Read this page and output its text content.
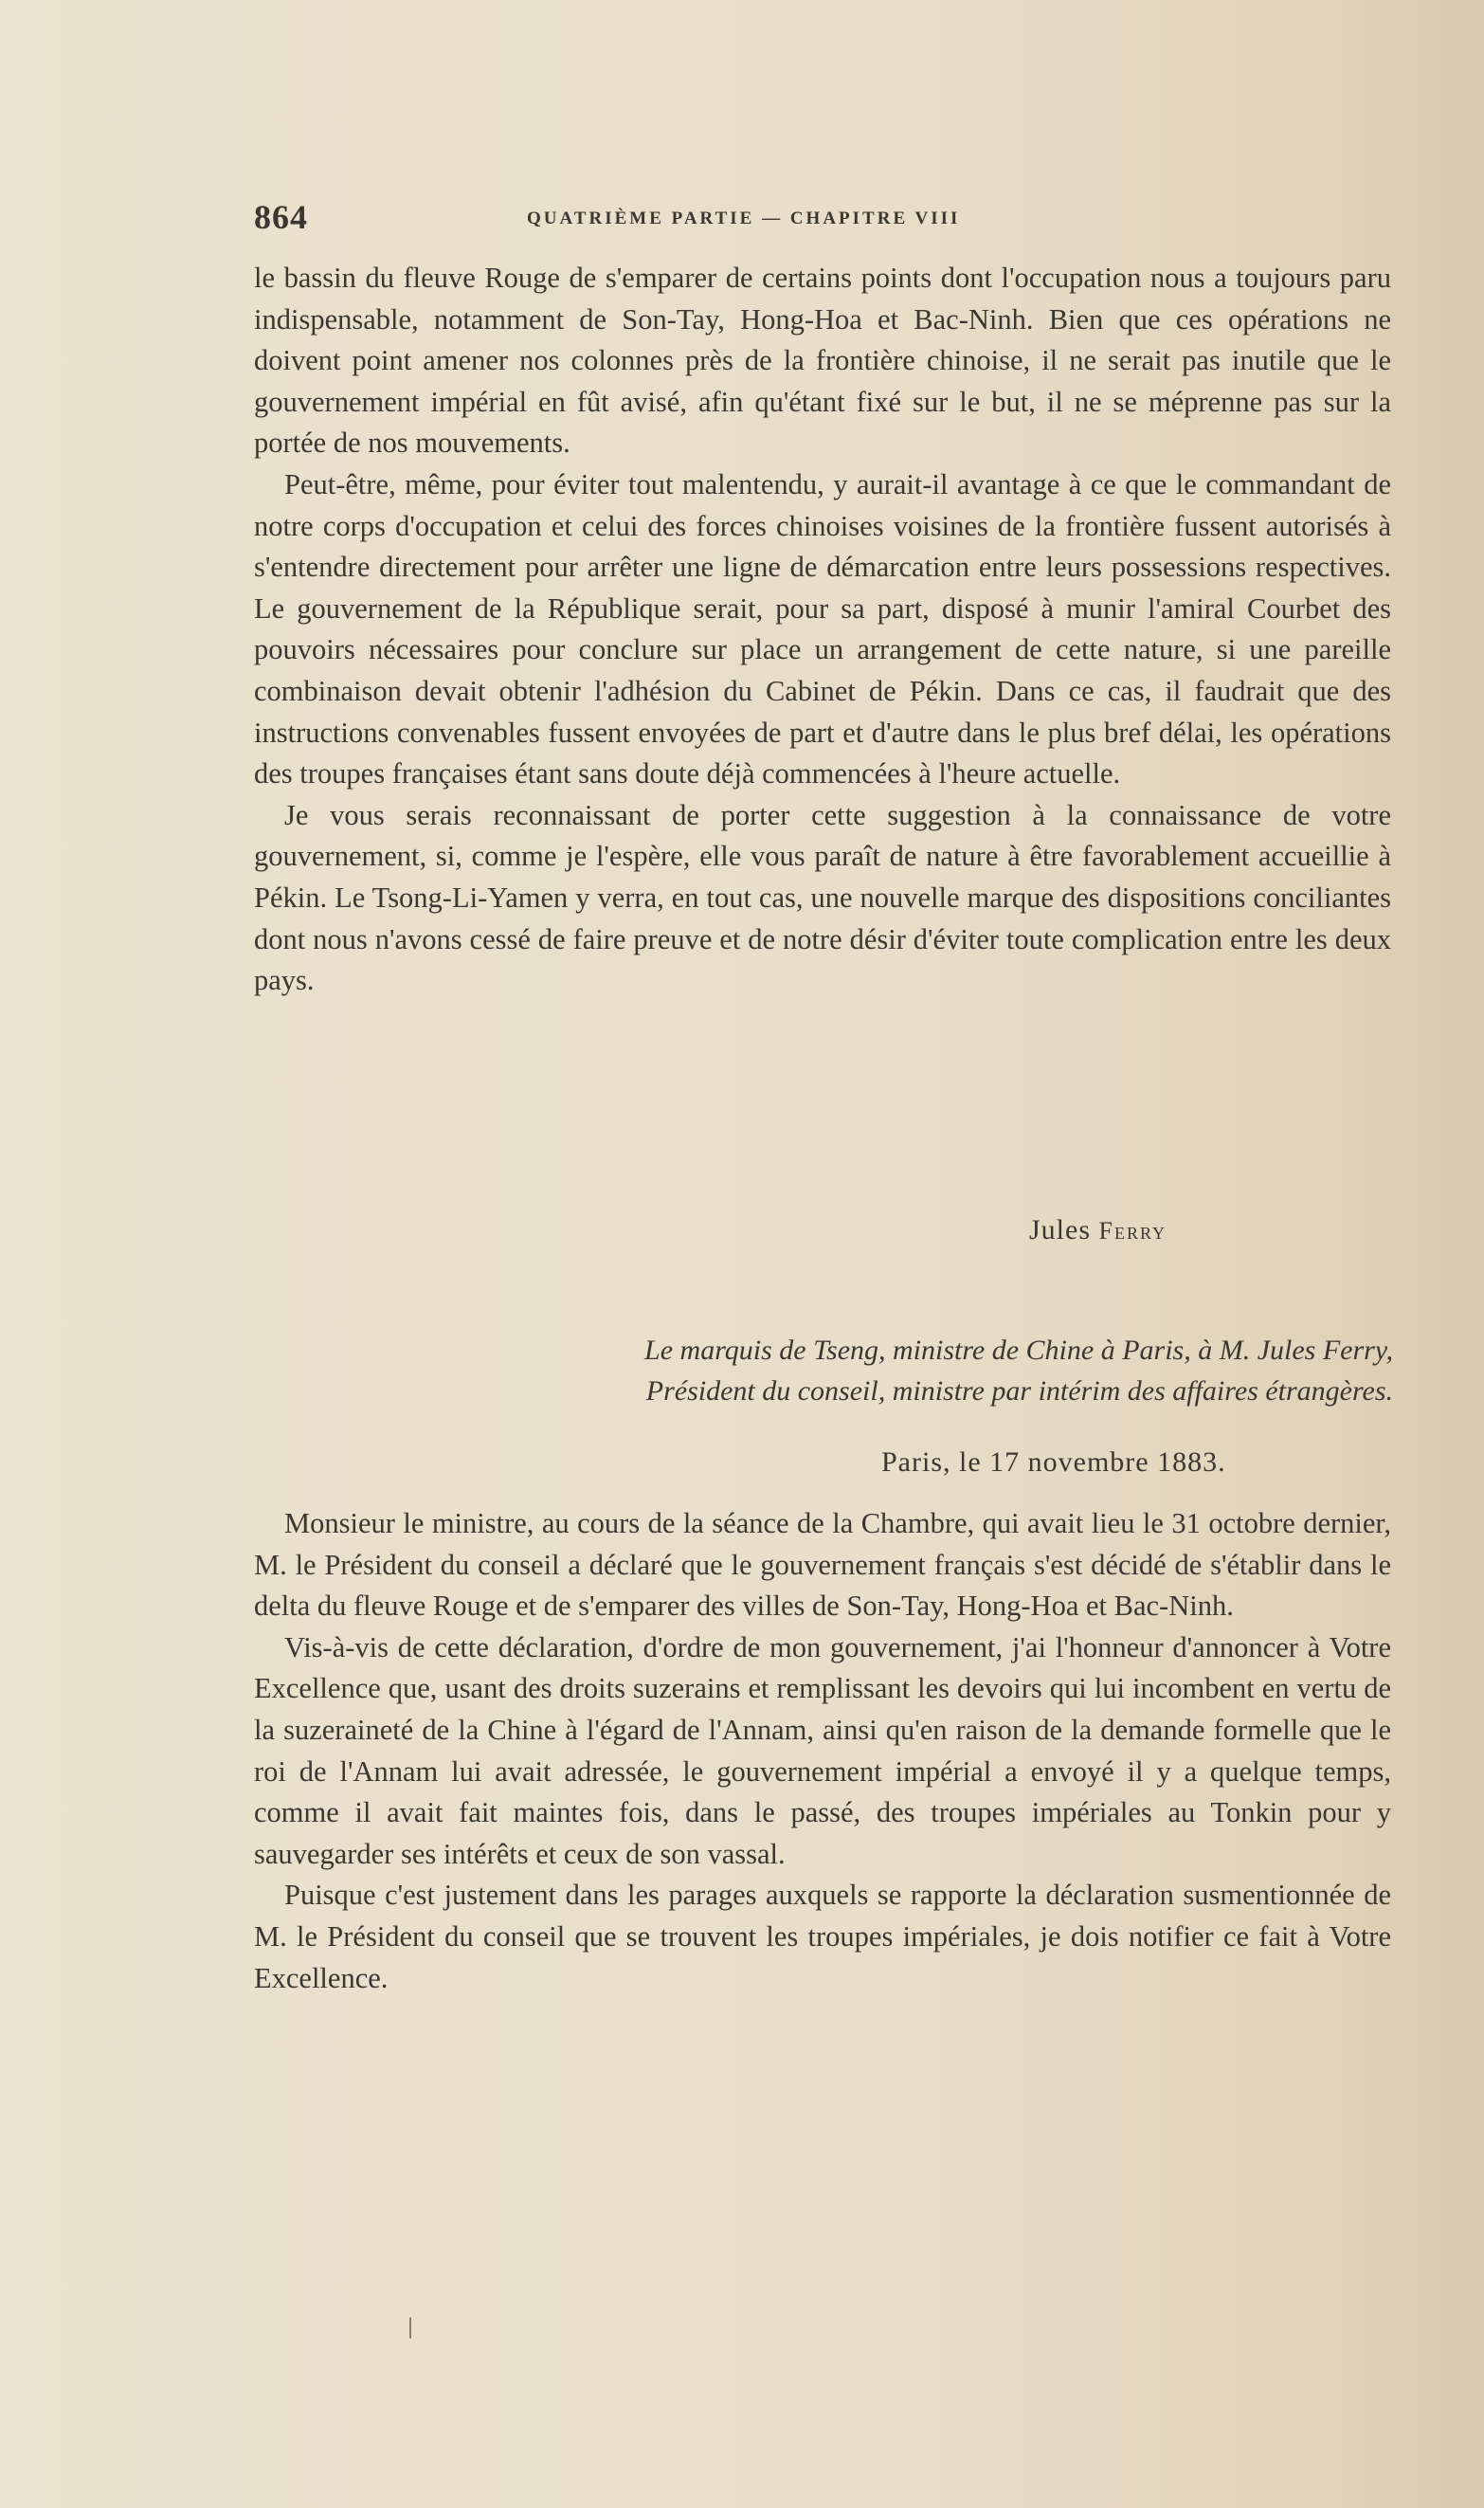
864	QUATRIÈME PARTIE — CHAPITRE VIII

le bassin du fleuve Rouge de s'emparer de certains points dont l'occupation nous a toujours paru indispensable, notamment de Son-Tay, Hong-Hoa et Bac-Ninh. Bien que ces opérations ne doivent point amener nos colonnes près de la frontière chinoise, il ne serait pas inutile que le gouvernement impérial en fût avisé, afin qu'étant fixé sur le but, il ne se méprenne pas sur la portée de nos mouvements.

Peut-être, même, pour éviter tout malentendu, y aurait-il avantage à ce que le commandant de notre corps d'occupation et celui des forces chinoises voisines de la frontière fussent autorisés à s'entendre directement pour arrêter une ligne de démarcation entre leurs possessions respectives. Le gouvernement de la République serait, pour sa part, disposé à munir l'amiral Courbet des pouvoirs nécessaires pour conclure sur place un arrangement de cette nature, si une pareille combinaison devait obtenir l'adhésion du Cabinet de Pékin. Dans ce cas, il faudrait que des instructions convenables fussent envoyées de part et d'autre dans le plus bref délai, les opérations des troupes françaises étant sans doute déjà commencées à l'heure actuelle.

Je vous serais reconnaissant de porter cette suggestion à la connaissance de votre gouvernement, si, comme je l'espère, elle vous paraît de nature à être favorablement accueillie à Pékin. Le Tsong-Li-Yamen y verra, en tout cas, une nouvelle marque des dispositions conciliantes dont nous n'avons cessé de faire preuve et de notre désir d'éviter toute complication entre les deux pays.

Jules Ferry
Le marquis de Tseng, ministre de Chine à Paris, à M. Jules Ferry,
Président du conseil, ministre par intérim des affaires étrangères.
Paris, le 17 novembre 1883.

Monsieur le ministre, au cours de la séance de la Chambre, qui avait lieu le 31 octobre dernier, M. le Président du conseil a déclaré que le gouvernement français s'est décidé de s'établir dans le delta du fleuve Rouge et de s'emparer des villes de Son-Tay, Hong-Hoa et Bac-Ninh.

Vis-à-vis de cette déclaration, d'ordre de mon gouvernement, j'ai l'honneur d'annoncer à Votre Excellence que, usant des droits suzerains et remplissant les devoirs qui lui incombent en vertu de la suzeraineté de la Chine à l'égard de l'Annam, ainsi qu'en raison de la demande formelle que le roi de l'Annam lui avait adressée, le gouvernement impérial a envoyé il y a quelque temps, comme il avait fait maintes fois, dans le passé, des troupes impériales au Tonkin pour y sauvegarder ses intérêts et ceux de son vassal.

Puisque c'est justement dans les parages auxquels se rapporte la déclaration susmentionnée de M. le Président du conseil que se trouvent les troupes impériales, je dois notifier ce fait à Votre Excellence.
